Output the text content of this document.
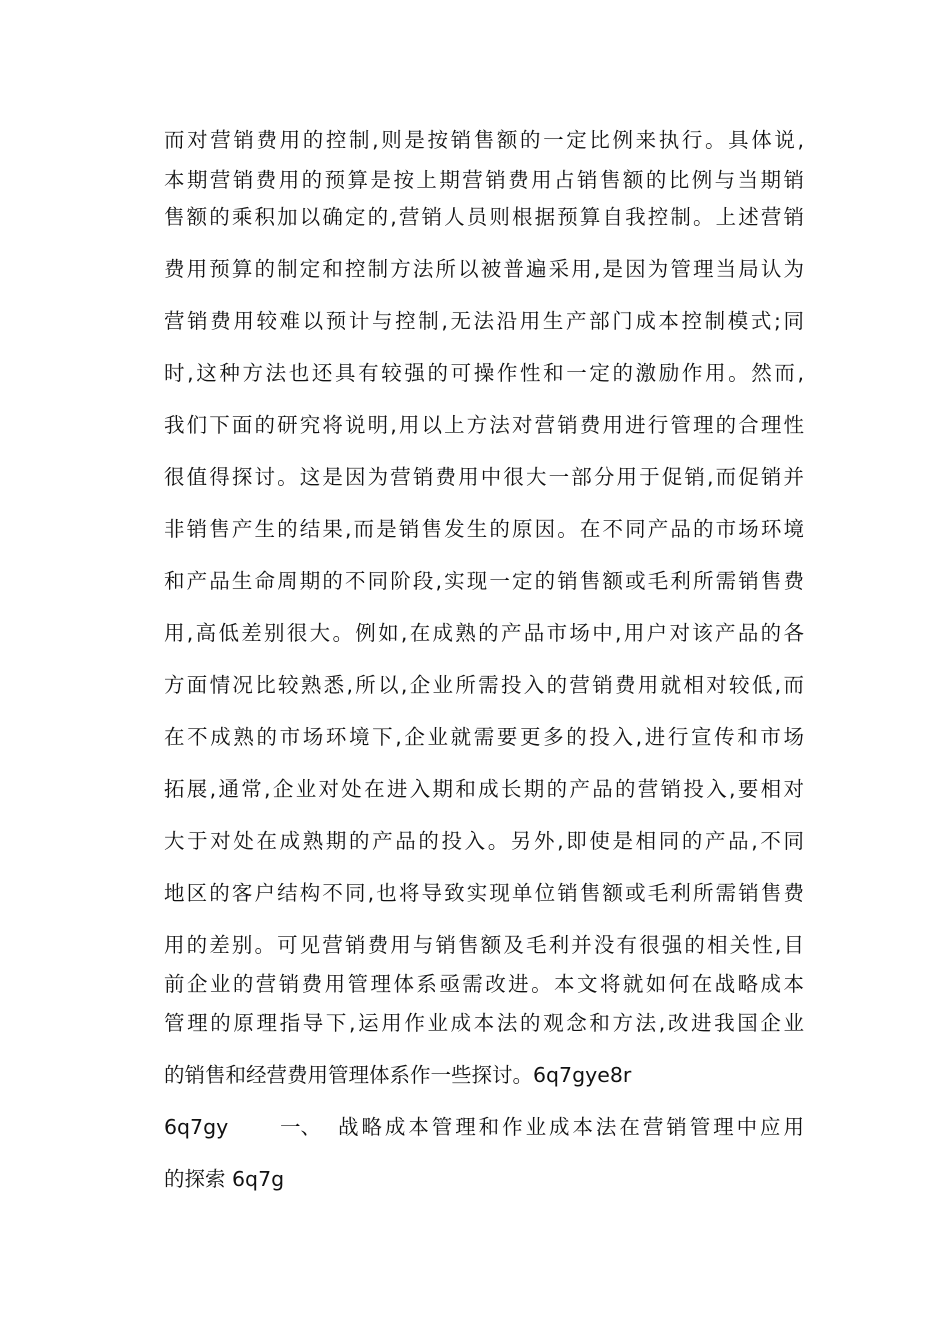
而对营销费用的控制,则是按销售额的一定比例来执行。具体说,
本期营销费用的预算是按上期营销费用占销售额的比例与当期销
售额的乘积加以确定的,营销人员则根据预算自我控制。上述营销
费用预算的制定和控制方法所以被普遍采用,是因为管理当局认为
营销费用较难以预计与控制,无法沿用生产部门成本控制模式;同
时,这种方法也还具有较强的可操作性和一定的激励作用。然而,
我们下面的研究将说明,用以上方法对营销费用进行管理的合理性
很值得探讨。这是因为营销费用中很大一部分用于促销,而促销并
非销售产生的结果,而是销售发生的原因。在不同产品的市场环境
和产品生命周期的不同阶段,实现一定的销售额或毛利所需销售费
用,高低差别很大。例如,在成熟的产品市场中,用户对该产品的各
方面情况比较熟悉,所以,企业所需投入的营销费用就相对较低,而
在不成熟的市场环境下,企业就需要更多的投入,进行宣传和市场
拓展,通常,企业对处在进入期和成长期的产品的营销投入,要相对
大于对处在成熟期的产品的投入。另外,即使是相同的产品,不同
地区的客户结构不同,也将导致实现单位销售额或毛利所需销售费
用的差别。可见营销费用与销售额及毛利并没有很强的相关性,目
前企业的营销费用管理体系亟需改进。本文将就如何在战略成本
管理的原理指导下,运用作业成本法的观念和方法,改进我国企业
的销售和经营费用管理体系作一些探讨。6q7gye8r
6q7gy	一、 战略成本管理和作业成本法在营销管理中应用
的探索 6q7g
